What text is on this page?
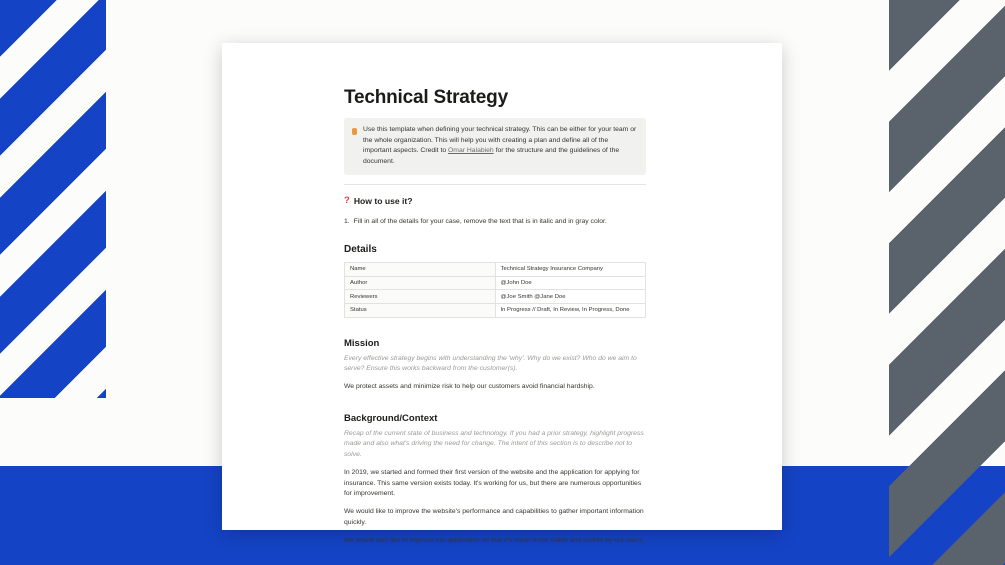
Technical Strategy

Use this template when defining your technical strategy. This can be either for your team or the whole organization. This will help you with creating a plan and define all of the important aspects. Credit to Omar Halabieh for the structure and the guidelines of the document.

? How to use it?
1. Fill in all of the details for your case, remove the text that is in italic and in gray color.
Details
Name	Technical Strategy Insurance Company
Author	@John Doe
Reviewers	@Joe Smith @Jane Doe
Status	In Progress // Draft, In Review, In Progress, Done
Mission

Every effective strategy begins with understanding the 'why'. Why do we exist? Who do we aim to serve? Ensure this works backward from the customer(s).

We protect assets and minimize risk to help our customers avoid financial hardship.

Background/Context

Recap of the current state of business and technology. If you had a prior strategy, highlight progress made and also what's driving the need for change. The intent of this section is to describe not to solve.

In 2019, we started and formed their first version of the website and the application for applying for insurance. This same version exists today. It's working for us, but there are numerous opportunities for improvement.

We would like to improve the website's performance and capabilities to gather important information quickly.

We would also like to improve our application so that it's much more stable and usable by our users.
